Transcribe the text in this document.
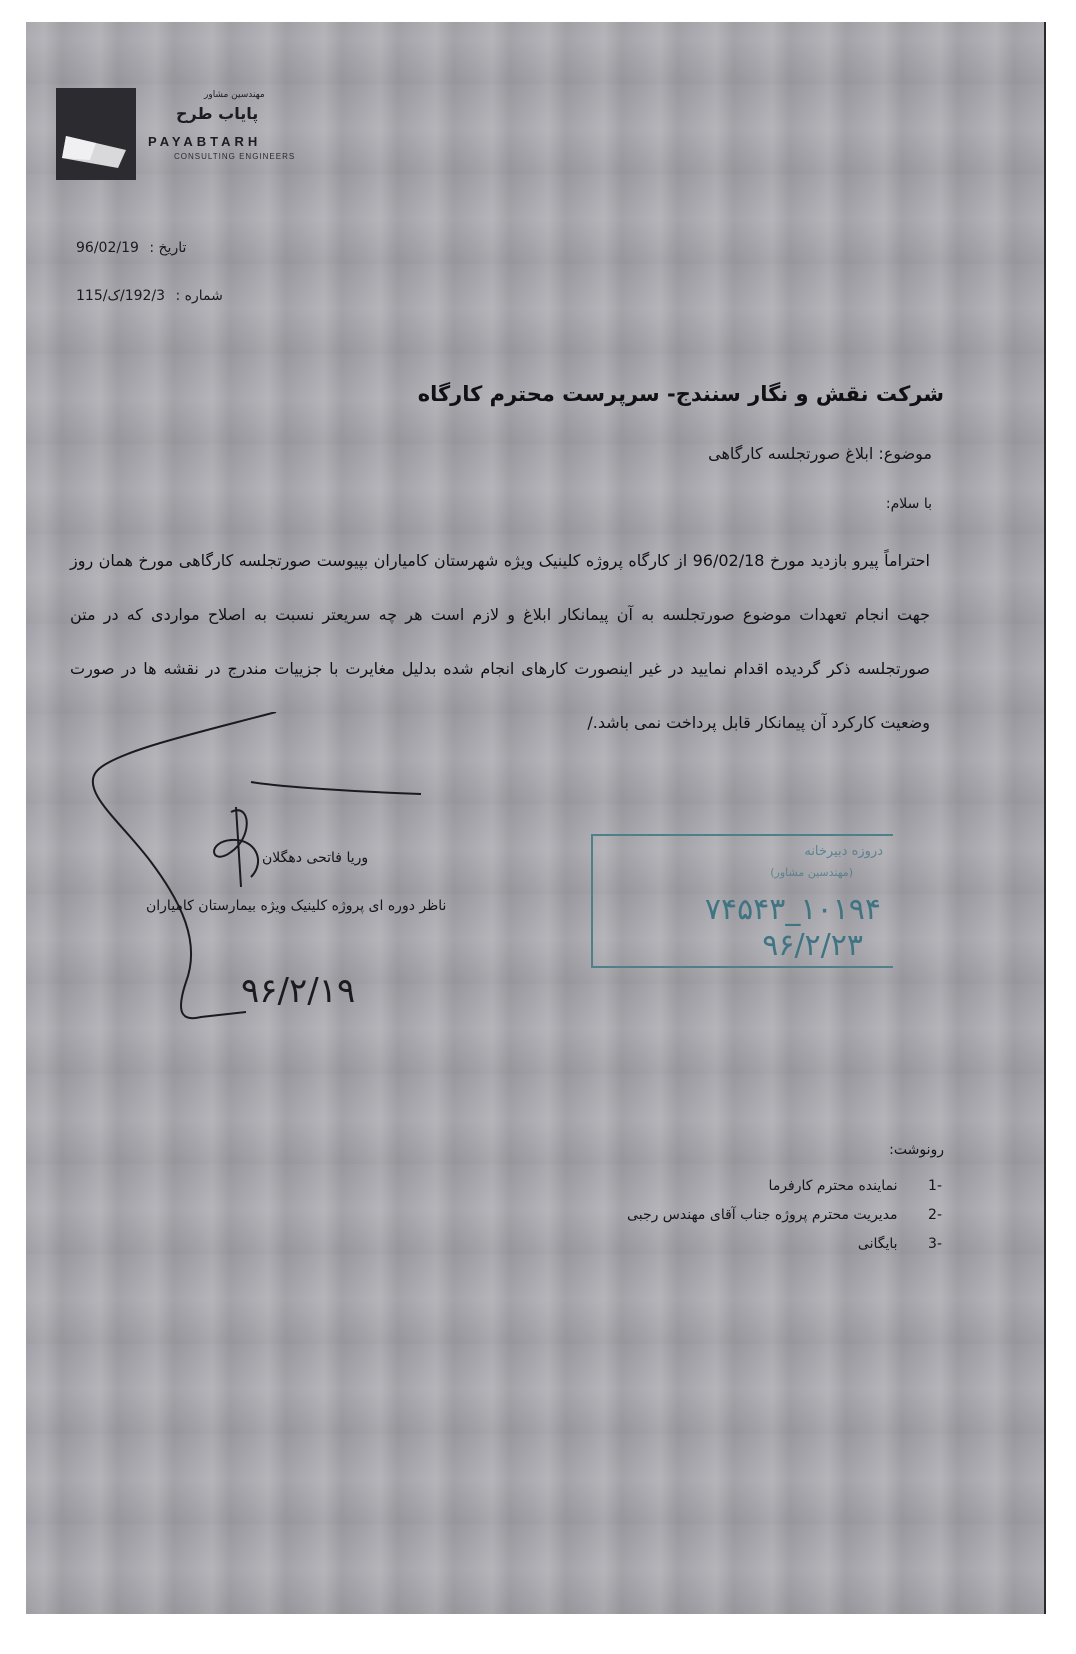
مهندسین مشاور
پایاب طرح
PAYABTARH
CONSULTING ENGINEERS
تاریخ : 96/02/19
شماره : 192/3/ک/115
شرکت نقش و نگار سنندج- سرپرست محترم کارگاه
موضوع: ابلاغ صورتجلسه کارگاهی
با سلام:
احتراماً پیرو بازدید مورخ 96/02/18 از کارگاه پروژه کلینیک ویژه شهرستان کامیاران بپیوست صورتجلسه کارگاهی مورخ همان روز جهت انجام تعهدات موضوع صورتجلسه به آن پیمانکار ابلاغ و لازم است هر چه سریعتر نسبت به اصلاح مواردی که در متن صورتجلسه ذکر گردیده اقدام نمایید در غیر اینصورت کارهای انجام شده بدلیل مغایرت با جزییات مندرج در نقشه ها در صورت وضعیت کارکرد آن پیمانکار قابل پرداخت نمی باشد./
۹۶/۲/۱۹
وریا فاتحی دهگلان
ناظر دوره ای پروژه کلینیک ویژه بیمارستان کامیاران
دروزه دبیرخانه
(مهندسین مشاور)
۱۰۱۹۴_۷۴۵۴۳
۹۶/۲/۲۳
رونوشت:
-1 نماینده محترم کارفرما
-2 مدیریت محترم پروژه جناب آقای مهندس رجبی
-3 بایگانی
